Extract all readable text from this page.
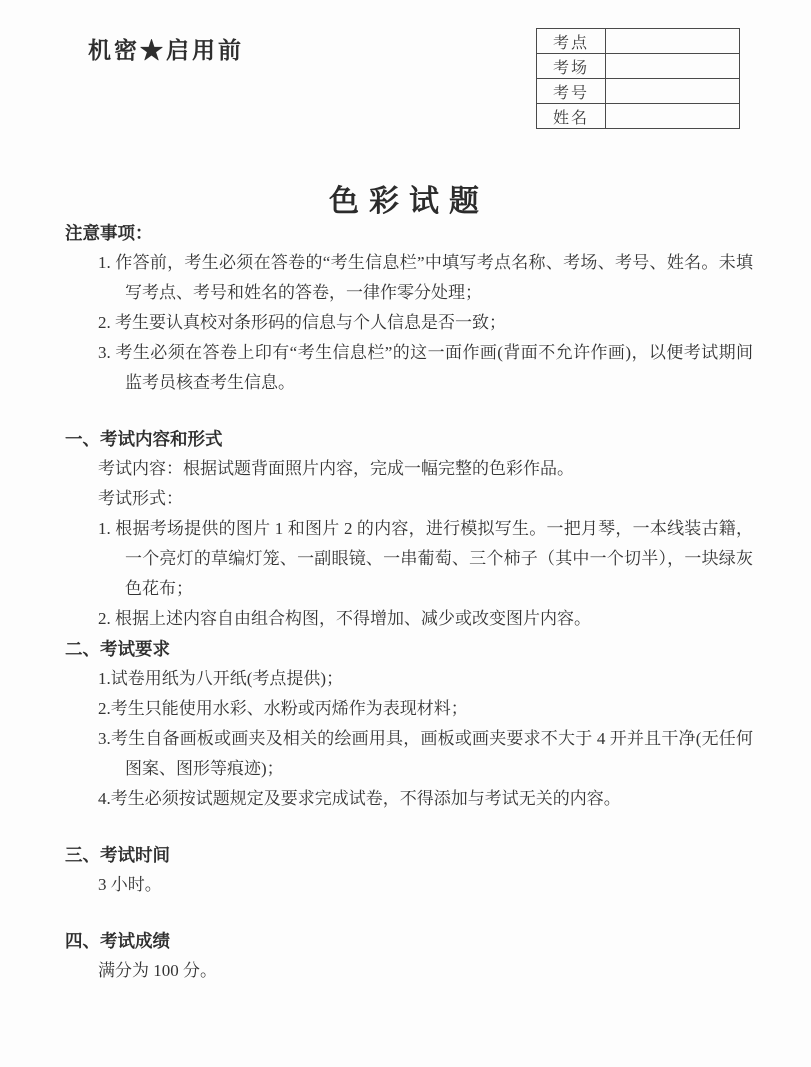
机密★启用前	考点	
考场	
考号	
姓名	
色彩试题
注意事项：
1. 作答前，考生必须在答卷的“考生信息栏”中填写考点名称、考场、考号、姓名。未填写考点、考号和姓名的答卷，一律作零分处理；
2. 考生要认真校对条形码的信息与个人信息是否一致；
3. 考生必须在答卷上印有“考生信息栏”的这一面作画(背面不允许作画)，以便考试期间监考员核查考生信息。
一、考试内容和形式
考试内容：根据试题背面照片内容，完成一幅完整的色彩作品。
考试形式：
1. 根据考场提供的图片 1 和图片 2 的内容，进行模拟写生。一把月琴，一本线装古籍，一个亮灯的草编灯笼、一副眼镜、一串葡萄、三个柿子（其中一个切半），一块绿灰色花布；
2. 根据上述内容自由组合构图，不得增加、减少或改变图片内容。
二、考试要求
1.试卷用纸为八开纸(考点提供)；
2.考生只能使用水彩、水粉或丙烯作为表现材料；
3.考生自备画板或画夹及相关的绘画用具，画板或画夹要求不大于 4 开并且干净(无任何图案、图形等痕迹)；
4.考生必须按试题规定及要求完成试卷，不得添加与考试无关的内容。
三、考试时间
3 小时。
四、考试成绩
满分为 100 分。
